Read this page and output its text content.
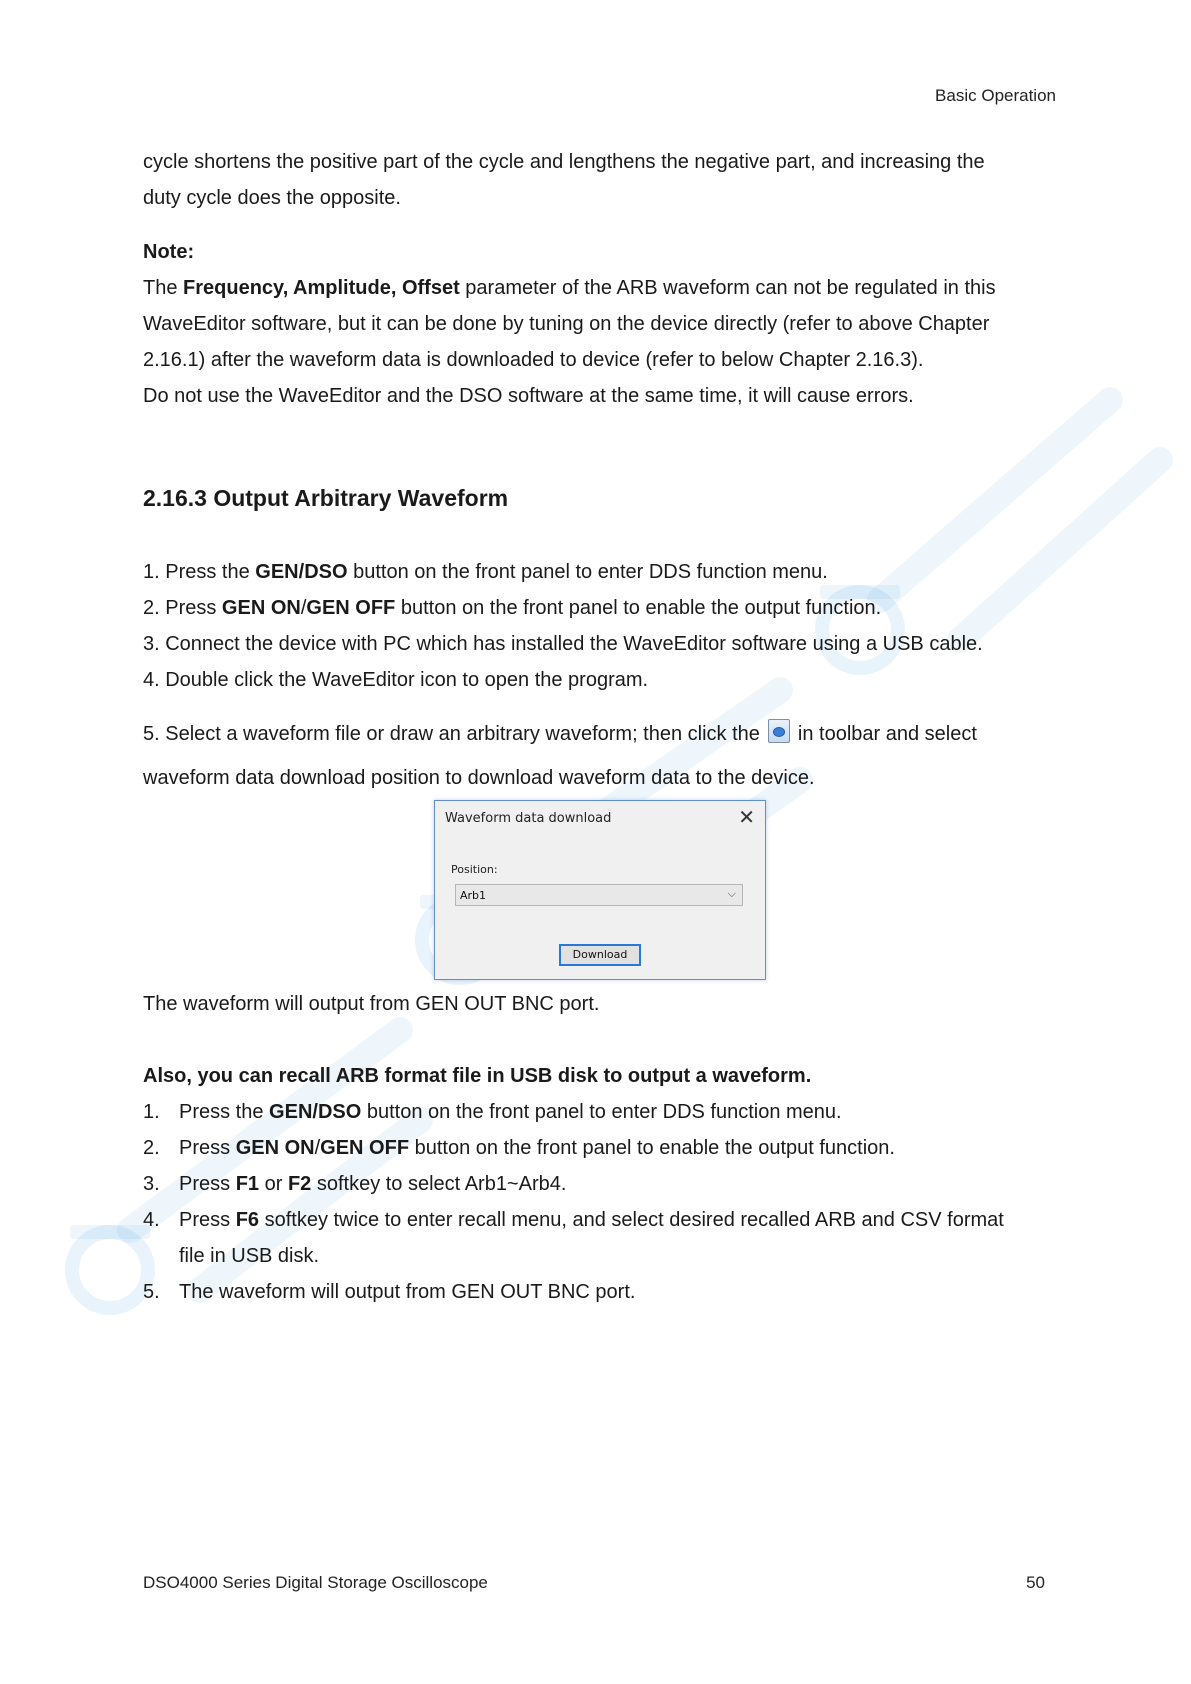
Basic Operation
cycle shortens the positive part of the cycle and lengthens the negative part, and increasing the
duty cycle does the opposite.
Note:
The Frequency, Amplitude, Offset parameter of the ARB waveform can not be regulated in this
WaveEditor software, but it can be done by tuning on the device directly (refer to above Chapter
2.16.1) after the waveform data is downloaded to device (refer to below Chapter 2.16.3).
Do not use the WaveEditor and the DSO software at the same time, it will cause errors.
2.16.3 Output Arbitrary Waveform
1. Press the GEN/DSO button on the front panel to enter DDS function menu.
2. Press GEN ON/GEN OFF button on the front panel to enable the output function.
3. Connect the device with PC which has installed the WaveEditor software using a USB cable.
4. Double click the WaveEditor icon to open the program.
5. Select a waveform file or draw an arbitrary waveform; then click the in toolbar and select
waveform data download position to download waveform data to the device.
Waveform data download	✕
Position:
Arb1	⌵
Download
The waveform will output from GEN OUT BNC port.
Also, you can recall ARB format file in USB disk to output a waveform.
1. Press the GEN/DSO button on the front panel to enter DDS function menu.
2. Press GEN ON/GEN OFF button on the front panel to enable the output function.
3. Press F1 or F2 softkey to select Arb1~Arb4.
4. Press F6 softkey twice to enter recall menu, and select desired recalled ARB and CSV format
file in USB disk.
5. The waveform will output from GEN OUT BNC port.
DSO4000 Series Digital Storage Oscilloscope	50
